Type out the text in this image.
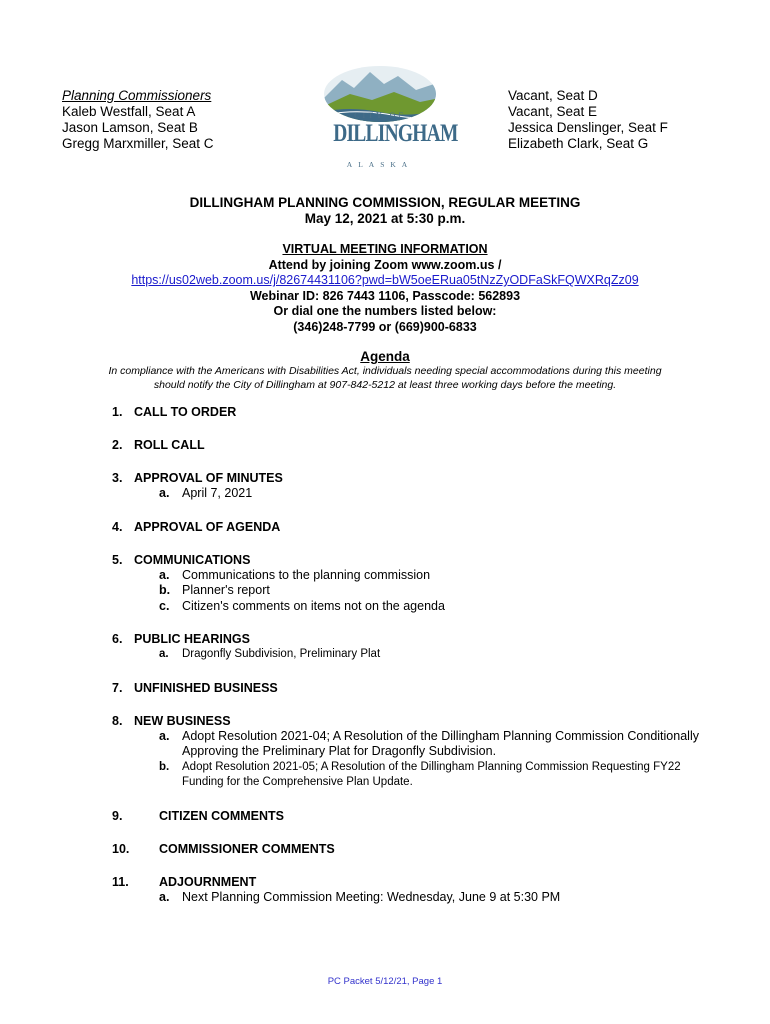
Planning Commissioners
Kaleb Westfall, Seat A
Jason Lamson, Seat B
Gregg Marxmiller, Seat C
CITY OF
DILLINGHAM
ALASKA
Vacant, Seat D
Vacant, Seat E
Jessica Denslinger, Seat F
Elizabeth Clark, Seat G
DILLINGHAM PLANNING COMMISSION, REGULAR MEETING
May 12, 2021 at 5:30 p.m.
VIRTUAL MEETING INFORMATION
Attend by joining Zoom www.zoom.us /
https://us02web.zoom.us/j/82674431106?pwd=bW5oeERua05tNzZyODFaSkFQWXRqZz09
Webinar ID: 826 7443 1106, Passcode: 562893
Or dial one the numbers listed below:
(346)248-7799 or (669)900-6833
Agenda
In compliance with the Americans with Disabilities Act, individuals needing special accommodations during this meeting should notify the City of Dillingham at 907-842-5212 at least three working days before the meeting.
1. CALL TO ORDER
2. ROLL CALL
3. APPROVAL OF MINUTES
a. April 7, 2021
4. APPROVAL OF AGENDA
5. COMMUNICATIONS
a. Communications to the planning commission
b. Planner's report
c. Citizen's comments on items not on the agenda
6. PUBLIC HEARINGS
a. Dragonfly Subdivision, Preliminary Plat
7. UNFINISHED BUSINESS
8. NEW BUSINESS
a. Adopt Resolution 2021-04; A Resolution of the Dillingham Planning Commission Conditionally Approving the Preliminary Plat for Dragonfly Subdivision.
b. Adopt Resolution 2021-05; A Resolution of the Dillingham Planning Commission Requesting FY22 Funding for the Comprehensive Plan Update.
9.	CITIZEN COMMENTS
10.	COMMISSIONER COMMENTS
11.	ADJOURNMENT
a. Next Planning Commission Meeting: Wednesday, June 9 at 5:30 PM
PC Packet 5/12/21, Page 1
